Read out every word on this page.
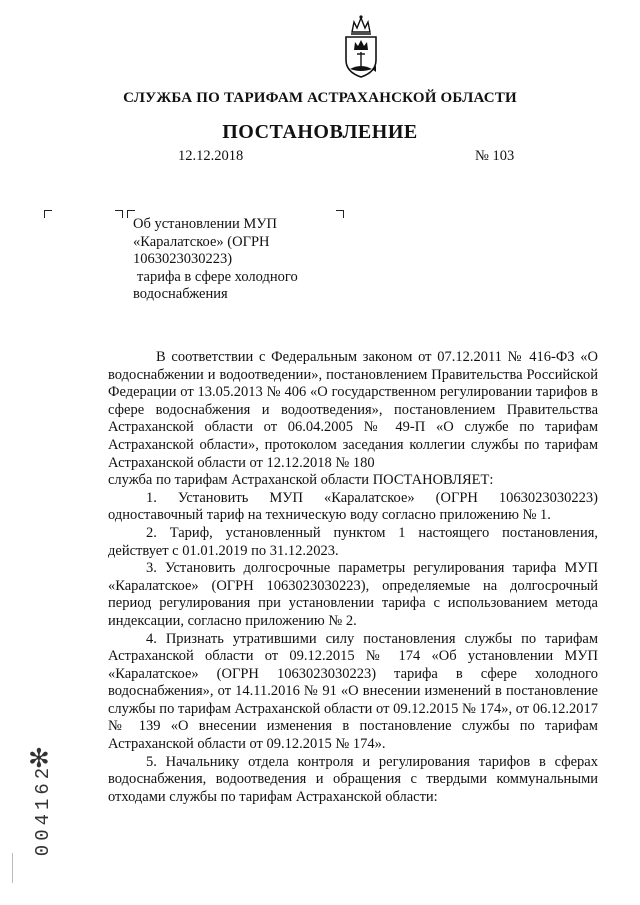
СЛУЖБА ПО ТАРИФАМ АСТРАХАНСКОЙ ОБЛАСТИ
ПОСТАНОВЛЕНИЕ
12.12.2018	№ 103
Об установлении МУП
«Каралатское» (ОГРН
1063023030223)
тарифа в сфере холодного
водоснабжения

В соответствии с Федеральным законом от 07.12.2011 № 416-ФЗ «О водоснабжении и водоотведении», постановлением Правительства Российской Федерации от 13.05.2013 № 406 «О государственном регулировании тарифов в сфере водоснабжения и водоотведения», постановлением Правительства Астраханской области от 06.04.2005 № 49-П «О службе по тарифам Астраханской области», протоколом заседания коллегии службы по тарифам Астраханской области от 12.12.2018 № 180

служба по тарифам Астраханской области ПОСТАНОВЛЯЕТ:

1. Установить МУП «Каралатское» (ОГРН 1063023030223) одноставочный тариф на техническую воду согласно приложению № 1.

2. Тариф, установленный пунктом 1 настоящего постановления, действует с 01.01.2019 по 31.12.2023.

3. Установить долгосрочные параметры регулирования тарифа МУП «Каралатское» (ОГРН 1063023030223), определяемые на долгосрочный период регулирования при установлении тарифа с использованием метода индексации, согласно приложению № 2.

4. Признать утратившими силу постановления службы по тарифам Астраханской области от 09.12.2015 № 174 «Об установлении МУП «Каралатское» (ОГРН 1063023030223) тарифа в сфере холодного водоснабжения», от 14.11.2016 № 91 «О внесении изменений в постановление службы по тарифам Астраханской области от 09.12.2015 № 174», от 06.12.2017 № 139 «О внесении изменения в постановление службы по тарифам Астраханской области от 09.12.2015 № 174».

5. Начальнику отдела контроля и регулирования тарифов в сферах водоснабжения, водоотведения и обращения с твердыми коммунальными отходами службы по тарифам Астраханской области:

✻
004162
